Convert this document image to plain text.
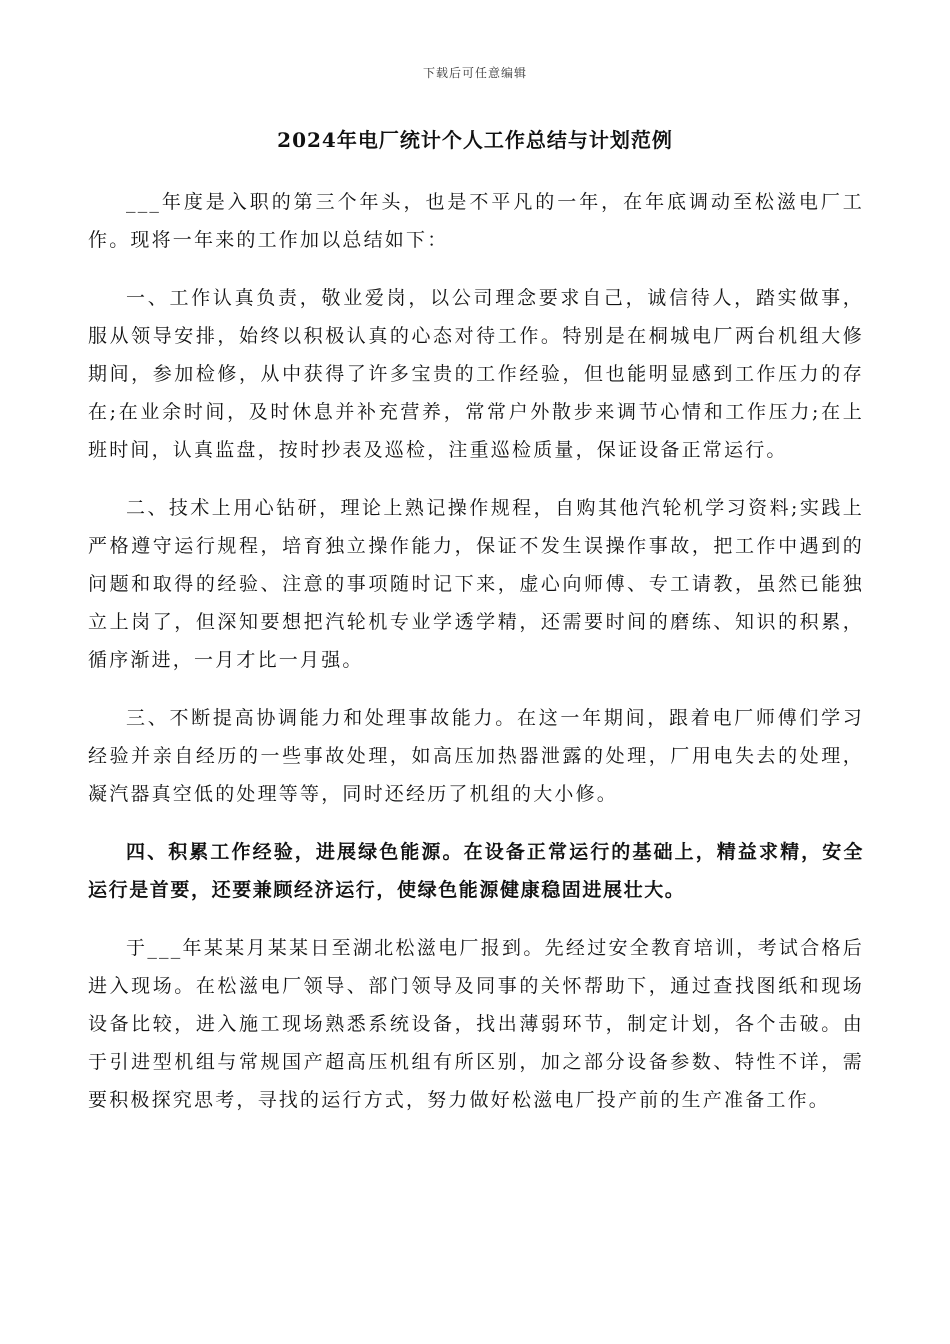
下载后可任意编辑
2024年电厂统计个人工作总结与计划范例

___年度是入职的第三个年头，也是不平凡的一年，在年底调动至松滋电厂工作。现将一年来的工作加以总结如下：

一、工作认真负责，敬业爱岗，以公司理念要求自己，诚信待人，踏实做事，服从领导安排，始终以积极认真的心态对待工作。特别是在桐城电厂两台机组大修期间，参加检修，从中获得了许多宝贵的工作经验，但也能明显感到工作压力的存在;在业余时间，及时休息并补充营养，常常户外散步来调节心情和工作压力;在上班时间，认真监盘，按时抄表及巡检，注重巡检质量，保证设备正常运行。

二、技术上用心钻研，理论上熟记操作规程，自购其他汽轮机学习资料;实践上严格遵守运行规程，培育独立操作能力，保证不发生误操作事故，把工作中遇到的问题和取得的经验、注意的事项随时记下来，虚心向师傅、专工请教，虽然已能独立上岗了，但深知要想把汽轮机专业学透学精，还需要时间的磨练、知识的积累，循序渐进，一月才比一月强。

三、不断提高协调能力和处理事故能力。在这一年期间，跟着电厂师傅们学习经验并亲自经历的一些事故处理，如高压加热器泄露的处理，厂用电失去的处理，凝汽器真空低的处理等等，同时还经历了机组的大小修。

四、积累工作经验，进展绿色能源。在设备正常运行的基础上，精益求精，安全运行是首要，还要兼顾经济运行，使绿色能源健康稳固进展壮大。

于___年某某月某某日至湖北松滋电厂报到。先经过安全教育培训，考试合格后进入现场。在松滋电厂领导、部门领导及同事的关怀帮助下，通过查找图纸和现场设备比较，进入施工现场熟悉系统设备，找出薄弱环节，制定计划，各个击破。由于引进型机组与常规国产超高压机组有所区别，加之部分设备参数、特性不详，需要积极探究思考，寻找的运行方式，努力做好松滋电厂投产前的生产准备工作。
